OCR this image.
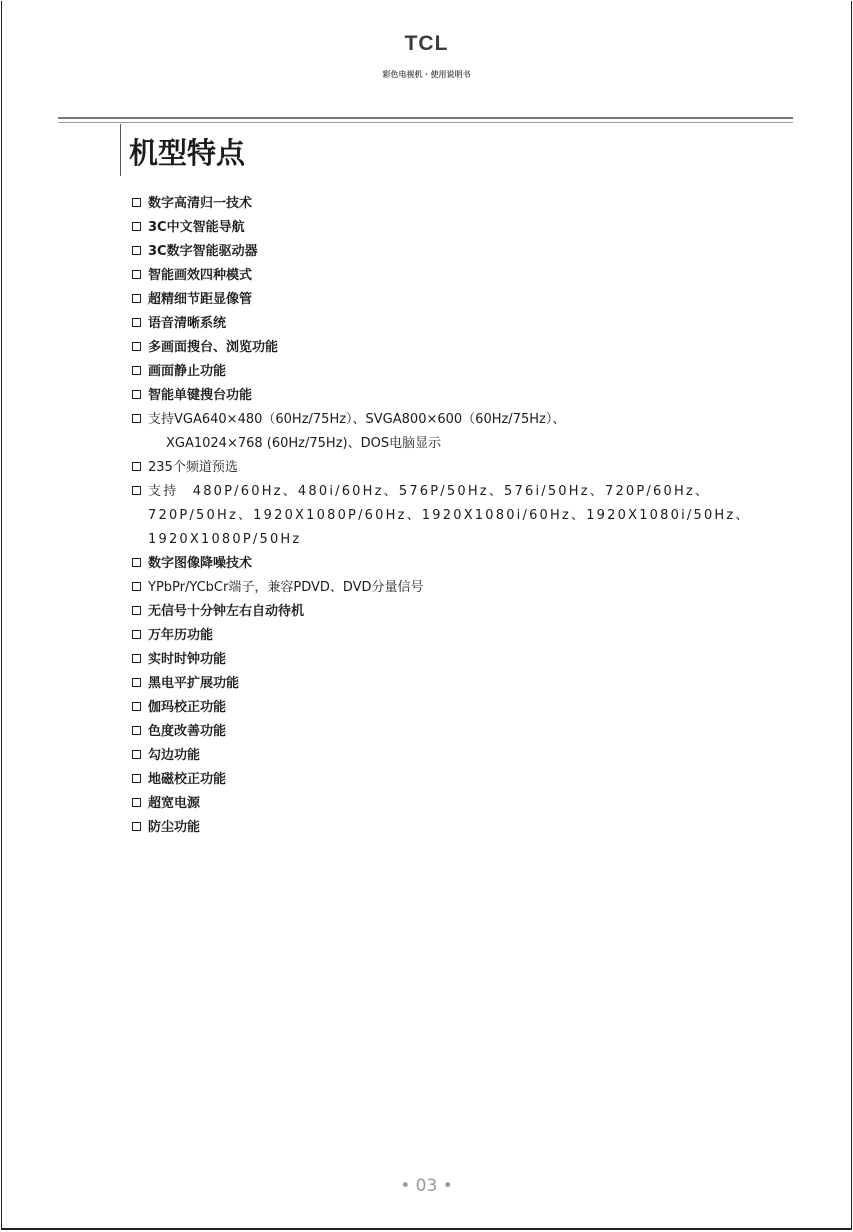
TCL
彩色电视机・使用说明书
机型特点
数字高清归一技术
3C中文智能导航
3C数字智能驱动器
智能画效四种模式
超精细节距显像管
语音清晰系统
多画面搜台、浏览功能
画面静止功能
智能单键搜台功能
支持VGA640×480（60Hz/75Hz）、SVGA800×600（60Hz/75Hz）、
XGA1024×768 (60Hz/75Hz)、DOS电脑显示
235个频道预选
支持 480P/60Hz、480i/60Hz、576P/50Hz、576i/50Hz、720P/60Hz、720P/50Hz、1920X1080P/60Hz、1920X1080i/60Hz、1920X1080i/50Hz、1920X1080P/50Hz
数字图像降噪技术
YPbPr/YCbCr端子，兼容PDVD、DVD分量信号
无信号十分钟左右自动待机
万年历功能
实时时钟功能
黑电平扩展功能
伽玛校正功能
色度改善功能
勾边功能
地磁校正功能
超宽电源
防尘功能
• 03 •
